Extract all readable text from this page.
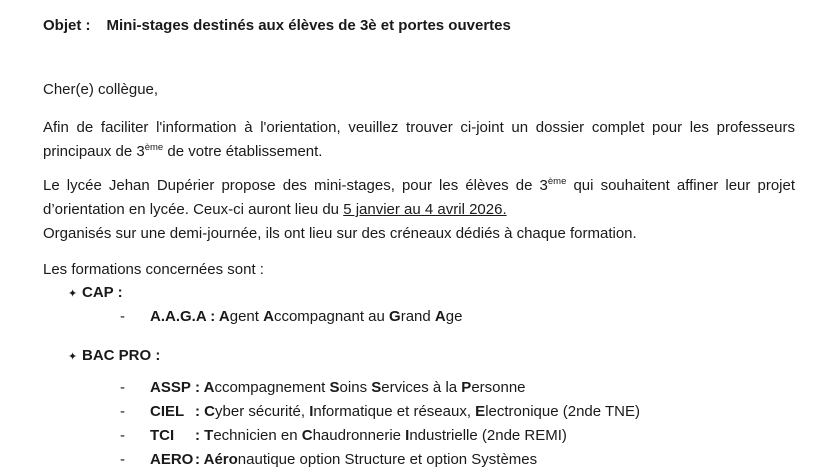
Objet : Mini-stages destinés aux élèves de 3è et portes ouvertes
Cher(e) collègue,

Afin de faciliter l'information à l'orientation, veuillez trouver ci-joint un dossier complet pour les professeurs principaux de 3ème de votre établissement.

Le lycée Jehan Dupérier propose des mini-stages, pour les élèves de 3ème qui souhaitent affiner leur projet d’orientation en lycée. Ceux-ci auront lieu du 5 janvier au 4 avril 2026.

Organisés sur une demi-journée, ils ont lieu sur des créneaux dédiés à chaque formation.

Les formations concernées sont :
✦ CAP :
-	A.A.G.A : Agent Accompagnant au Grand Age
✦ BAC PRO :
-	ASSP : Accompagnement Soins Services à la Personne
-	CIEL : Cyber sécurité, Informatique et réseaux, Electronique (2nde TNE)
-	TCI	: Technicien en Chaudronnerie Industrielle (2nde REMI)
-	AERO : Aéronautique option Structure et option Systèmes
